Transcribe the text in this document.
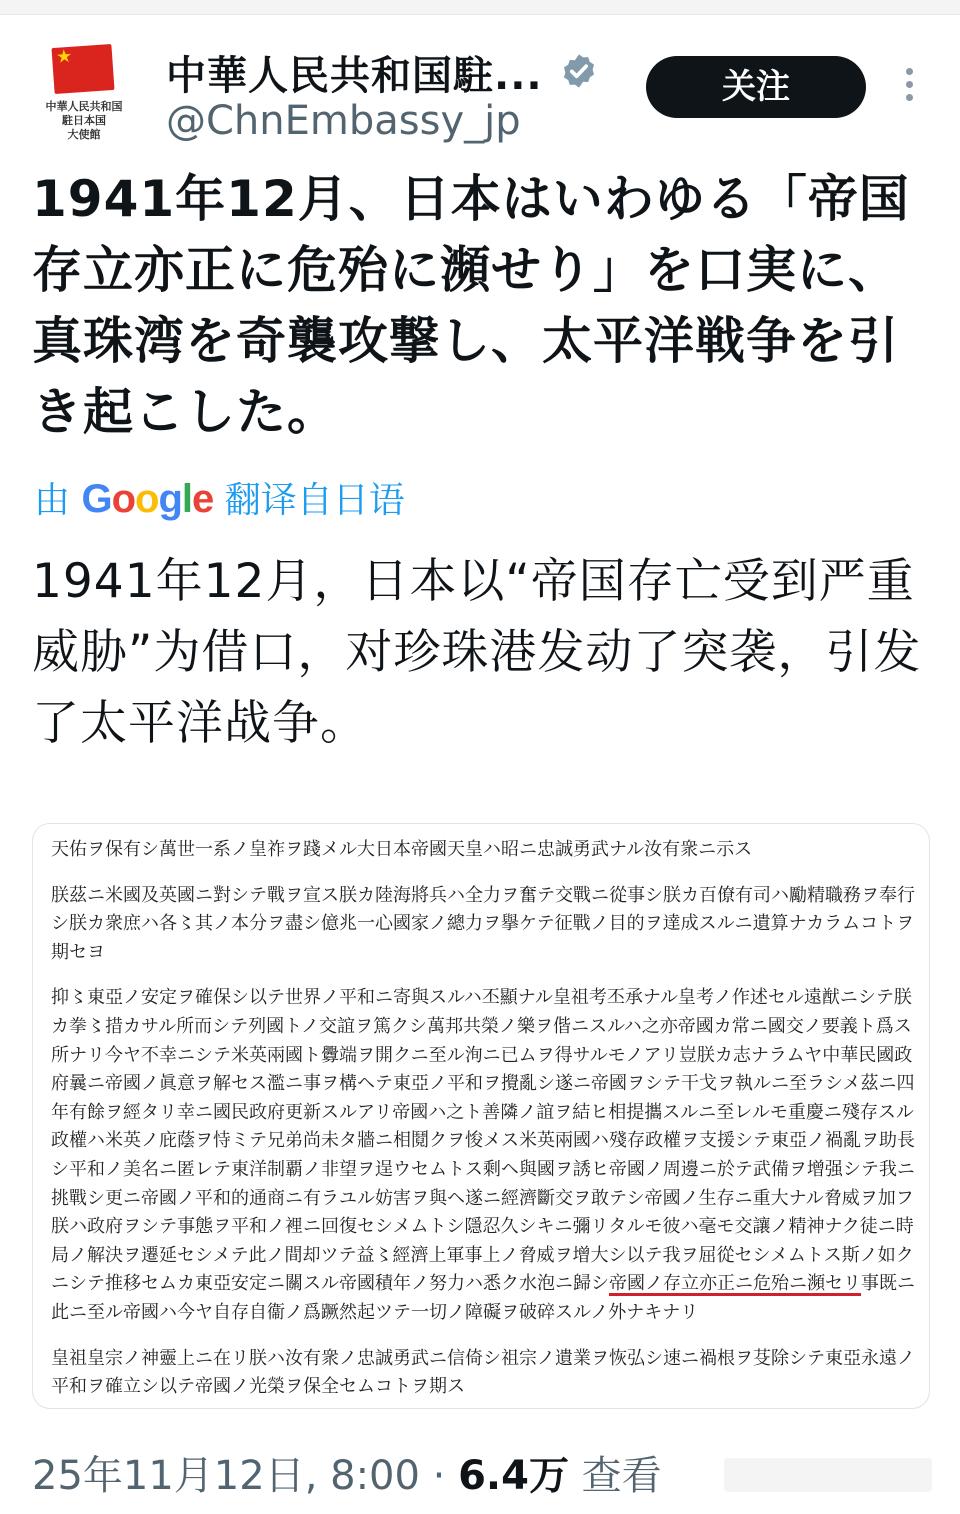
★
中華人民共和国
駐日本国
大使館
中華人民共和国駐...
@ChnEmbassy_jp
关注
1941年12月、日本はいわゆる「帝国存立亦正に危殆に瀕せり」を口実に、真珠湾を奇襲攻撃し、太平洋戦争を引き起こした。
由 Google 翻译自日语
1941年12月，日本以“帝国存亡受到严重威胁”为借口，对珍珠港发动了突袭，引发了太平洋战争。

天佑ヲ保有シ萬世一系ノ皇祚ヲ踐メル大日本帝國天皇ハ昭ニ忠誠勇武ナル汝有衆ニ示ス

朕茲ニ米國及英國ニ對シテ戰ヲ宣ス朕カ陸海將兵ハ全力ヲ奮テ交戰ニ從事シ朕カ百僚有司ハ勵精職務ヲ奉行シ朕カ衆庶ハ各〻其ノ本分ヲ盡シ億兆一心國家ノ總力ヲ擧ケテ征戰ノ目的ヲ達成スルニ遺算ナカラムコトヲ期セヨ

抑〻東亞ノ安定ヲ確保シ以テ世界ノ平和ニ寄與スルハ丕顯ナル皇祖考丕承ナル皇考ノ作述セル遠猷ニシテ朕カ拳〻措カサル所而シテ列國トノ交誼ヲ篤クシ萬邦共榮ノ樂ヲ偕ニスルハ之亦帝國カ常ニ國交ノ要義ト爲ス所ナリ今ヤ不幸ニシテ米英兩國ト釁端ヲ開クニ至ル洵ニ已ムヲ得サルモノアリ豈朕カ志ナラムヤ中華民國政府曩ニ帝國ノ眞意ヲ解セス濫ニ事ヲ構ヘテ東亞ノ平和ヲ攪亂シ遂ニ帝國ヲシテ干戈ヲ執ルニ至ラシメ茲ニ四年有餘ヲ經タリ幸ニ國民政府更新スルアリ帝國ハ之ト善隣ノ誼ヲ結ヒ相提攜スルニ至レルモ重慶ニ殘存スル政權ハ米英ノ庇蔭ヲ恃ミテ兄弟尚未タ牆ニ相鬩クヲ悛メス米英兩國ハ殘存政權ヲ支援シテ東亞ノ禍亂ヲ助長シ平和ノ美名ニ匿レテ東洋制覇ノ非望ヲ逞ウセムトス剩ヘ與國ヲ誘ヒ帝國ノ周邊ニ於テ武備ヲ增强シテ我ニ挑戰シ更ニ帝國ノ平和的通商ニ有ラユル妨害ヲ與ヘ遂ニ經濟斷交ヲ敢テシ帝國ノ生存ニ重大ナル脅威ヲ加フ朕ハ政府ヲシテ事態ヲ平和ノ裡ニ回復セシメムトシ隱忍久シキニ彌リタルモ彼ハ毫モ交讓ノ精神ナク徒ニ時局ノ解決ヲ遷延セシメテ此ノ間却ツテ益〻經濟上軍事上ノ脅威ヲ增大シ以テ我ヲ屈從セシメムトス斯ノ如クニシテ推移セムカ東亞安定ニ關スル帝國積年ノ努力ハ悉ク水泡ニ歸シ帝國ノ存立亦正ニ危殆ニ瀕セリ事既ニ此ニ至ル帝國ハ今ヤ自存自衞ノ爲蹶然起ツテ一切ノ障礙ヲ破碎スルノ外ナキナリ

皇祖皇宗ノ神靈上ニ在リ朕ハ汝有衆ノ忠誠勇武ニ信倚シ祖宗ノ遺業ヲ恢弘シ速ニ禍根ヲ芟除シテ東亞永遠ノ平和ヲ確立シ以テ帝國ノ光榮ヲ保全セムコトヲ期ス

25年11月12日, 8:00 · 6.4万 查看
